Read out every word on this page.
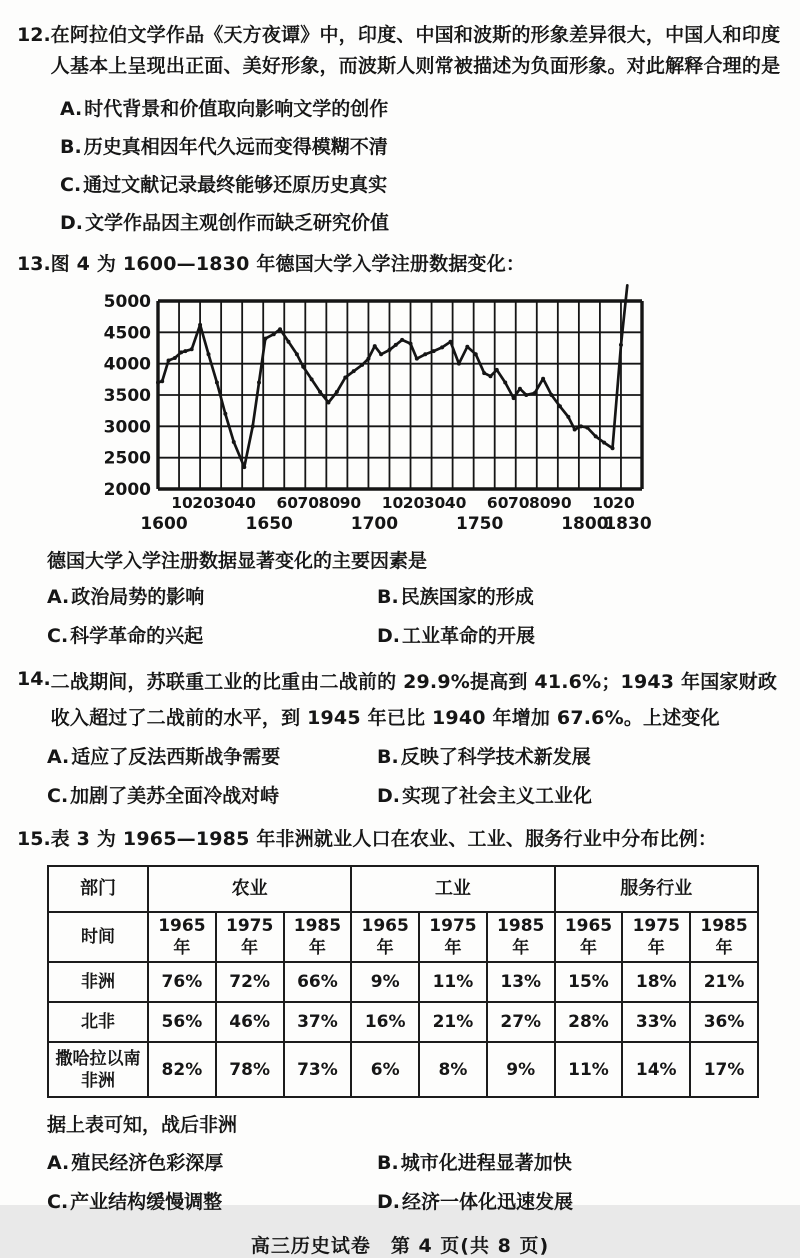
12. 在阿拉伯文学作品《天方夜谭》中，印度、中国和波斯的形象差异很大，中国人和印度人基本上呈现出正面、美好形象，而波斯人则常被描述为负面形象。对此解释合理的是
A. 时代背景和价值取向影响文学的创作
B. 历史真相因年代久远而变得模糊不清
C. 通过文献记录最终能够还原历史真实
D. 文学作品因主观创作而缺乏研究价值
13. 图 4 为 1600—1830 年德国大学入学注册数据变化：
2000
2500
3000
3500
4000
4500
5000
10 20 30 40 60 70 80 90 10 20 30 40 60 70 80 90 10 20
1600	1650	1700	1750	1800
1830
德国大学入学注册数据显著变化的主要因素是
A. 政治局势的影响	B. 民族国家的形成
C. 科学革命的兴起	D. 工业革命的开展
14. 二战期间，苏联重工业的比重由二战前的 29.9%提高到 41.6%；1943 年国家财政收入超过了二战前的水平，到 1945 年已比 1940 年增加 67.6%。上述变化
A. 适应了反法西斯战争需要	B. 反映了科学技术新发展
C. 加剧了美苏全面冷战对峙	D. 实现了社会主义工业化
15. 表 3 为 1965—1985 年非洲就业人口在农业、工业、服务行业中分布比例：
部门	农业			工业			服务行业		
时间	1965 年	1975 年	1985 年	1965 年	1975 年	1985 年	1965 年	1975 年	1985 年
非洲	76%	72%	66%	9%	11%	13%	15%	18%	21%
北非	56%	46%	37%	16%	21%	27%	28%	33%	36%
撒哈拉以南非洲	82%	78%	73%	6%	8%	9%	11%	14%	17%
据上表可知，战后非洲
A. 殖民经济色彩深厚	B. 城市化进程显著加快
C. 产业结构缓慢调整	D. 经济一体化迅速发展
高三历史试卷　第 4 页(共 8 页)
